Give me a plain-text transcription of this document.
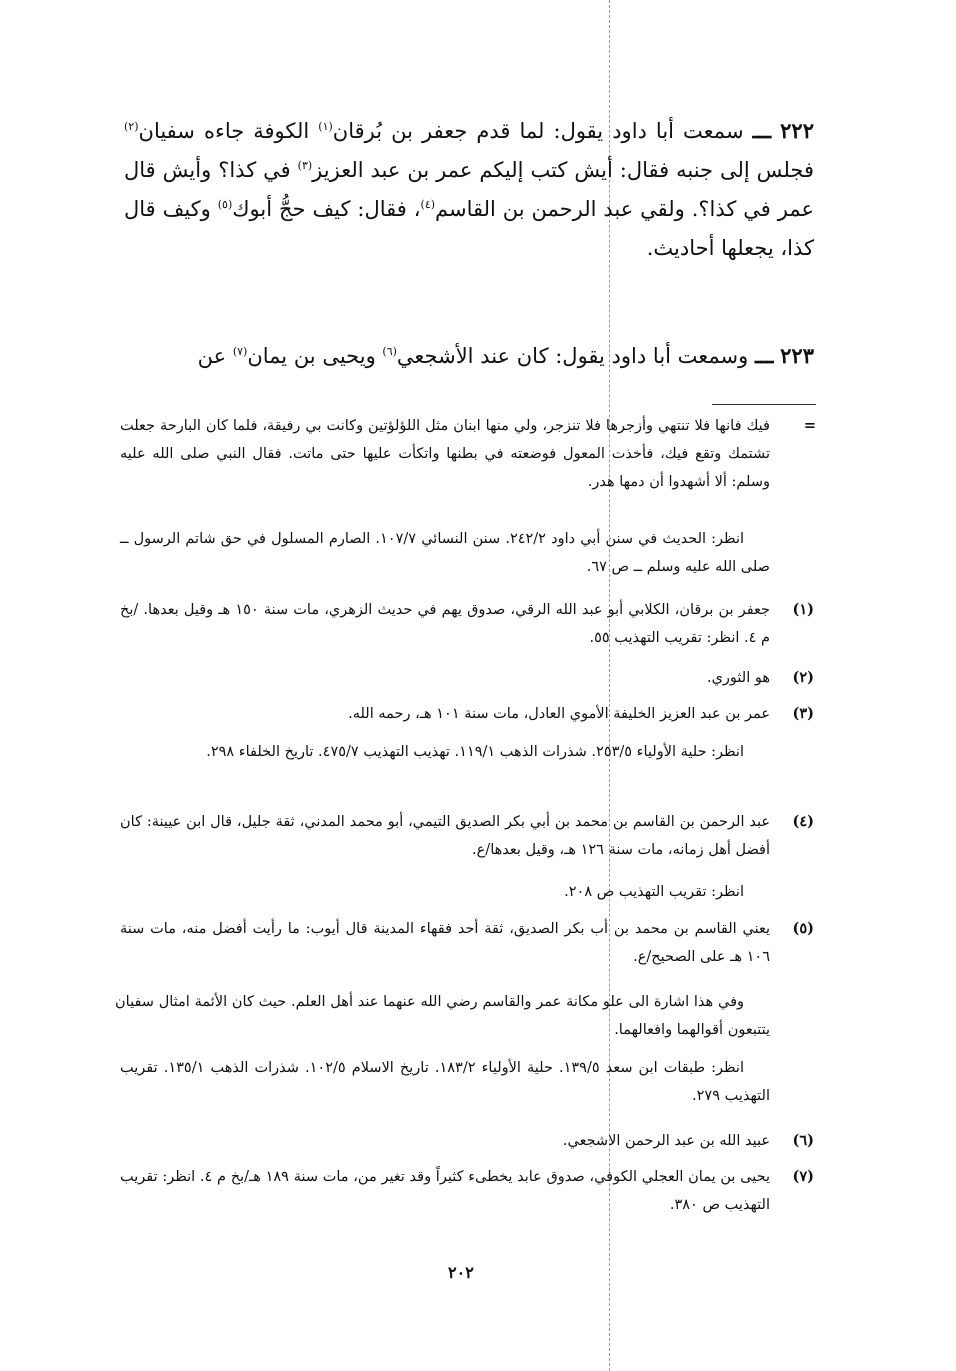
٢٢٢ ـــ سمعت أبا داود يقول: لما قدم جعفر بن بُرقان$^{(١)}$ الكوفة جاءه سفيان$^{(٢)}$ فجلس إلى جنبه فقال: أيش كتب إليكم عمر بن عبد العزيز$^{(٣)}$ في كذا؟ وأيش قال عمر في كذا؟. ولقي عبد الرحمن بن القاسم$^{(٤)}$، فقال: كيف حجُّ أبوك$^{(٥)}$ وكيف قال كذا، يجعلها أحاديث.
٢٢٣ ـــ وسمعت أبا داود يقول: كان عند الأشجعي$^{(٦)}$ ويحيى بن يمان$^{(٧)}$ عن
=
فيك فانها فلا تنتهي وأزجرها فلا تنزجر، ولي منها ابنان مثل اللؤلؤتين وكانت بي رفيقة، فلما كان البارحة جعلت تشتمك وتقع فيك، فأخذت المعول فوضعته في بطنها واتكأت عليها حتى ماتت. فقال النبي صلى الله عليه وسلم: ألا أشهدوا أن دمها هدر.
انظر: الحديث في سنن أبي داود ٢٤٢/٢. سنن النسائي ١٠٧/٧. الصارم المسلول في حق شاتم الرسول ــ صلى الله عليه وسلم ــ ص ٦٧.
(١)
جعفر بن برقان، الكلابي أبو عبد الله الرقي، صدوق يهم في حديث الزهري، مات سنة ١٥٠ هـ وقيل بعدها. /بخ م ٤. انظر: تقريب التهذيب ٥٥.
(٢)
هو الثوري.
(٣)
عمر بن عبد العزيز الخليفة الأموي العادل، مات سنة ١٠١ هـ، رحمه الله.
انظر: حلية الأولياء ٢٥٣/٥. شذرات الذهب ١١٩/١. تهذيب التهذيب ٤٧٥/٧. تاريخ الخلفاء ٢٩٨.
(٤)
عبد الرحمن بن القاسم بن محمد بن أبي بكر الصديق التيمي، أبو محمد المدني، ثقة جليل، قال ابن عيينة: كان أفضل أهل زمانه، مات سنة ١٢٦ هـ، وقيل بعدها/ع.
انظر: تقريب التهذيب ص ٢٠٨.
(٥)
يعني القاسم بن محمد بن أب بكر الصديق، ثقة أحد فقهاء المدينة قال أيوب: ما رأيت أفضل منه، مات سنة ١٠٦ هـ على الصحيح/ع.
وفي هذا اشارة الى علو مكانة عمر والقاسم رضي الله عنهما عند أهل العلم. حيث كان الأئمة امثال سفيان يتتبعون أقوالهما وافعالهما.
انظر: طبقات ابن سعد ١٣٩/٥. حلية الأولياء ١٨٣/٢. تاريخ الاسلام ١٠٢/٥. شذرات الذهب ١٣٥/١. تقريب التهذيب ٢٧٩.
(٦)
عبيد الله بن عبد الرحمن الاشجعي.
(٧)
يحيى بن يمان العجلي الكوفي، صدوق عابد يخطىء كثيراً وقد تغير من، مات سنة ١٨٩ هـ/بخ م ٤. انظر: تقريب التهذيب ص ٣٨٠.
٢٠٢
